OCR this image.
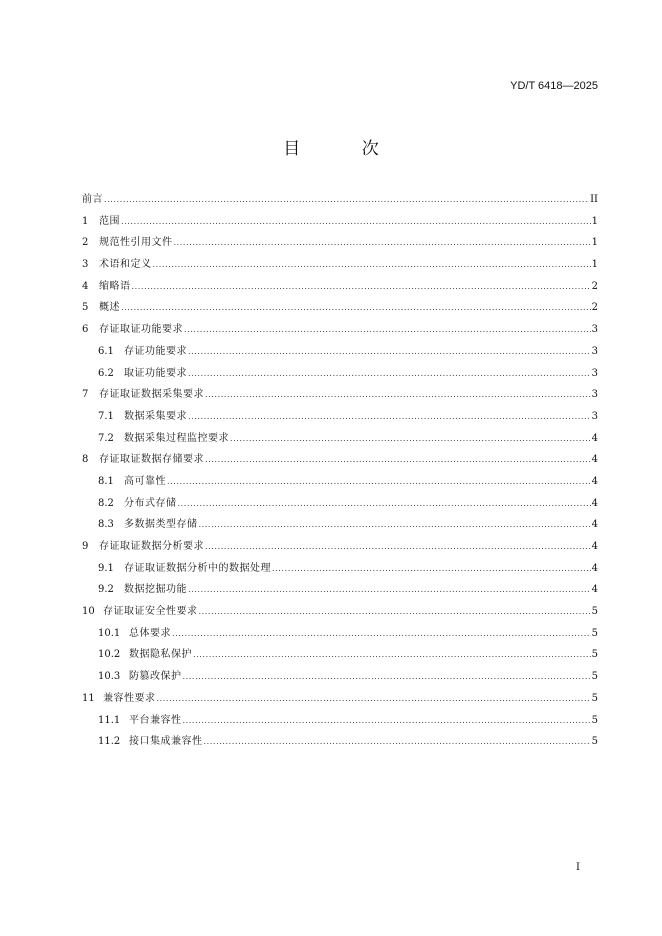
YD/T 6418—2025
目 次
前言 .....	II
1	范围 .....	1
2	规范性引用文件 .....	1
3	术语和定义 .....	1
4	缩略语 .....	2
5	概述 .....	2
6	存证取证功能要求 .....	3
6.1	存证功能要求 .....	3
6.2	取证功能要求 .....	3
7	存证取证数据采集要求 .....	3
7.1	数据采集要求 .....	3
7.2	数据采集过程监控要求 .....	4
8	存证取证数据存储要求 .....	4
8.1	高可靠性 .....	4
8.2	分布式存储 .....	4
8.3	多数据类型存储 .....	4
9	存证取证数据分析要求 .....	4
9.1	存证取证数据分析中的数据处理 .....	4
9.2	数据挖掘功能 .....	4
10 存证取证安全性要求 .....	5
10.1 总体要求 .....	5
10.2 数据隐私保护 .....	5
10.3 防篡改保护 .....	5
11 兼容性要求 .....	5
11.1 平台兼容性 .....	5
11.2 接口集成兼容性 .....	5
I
